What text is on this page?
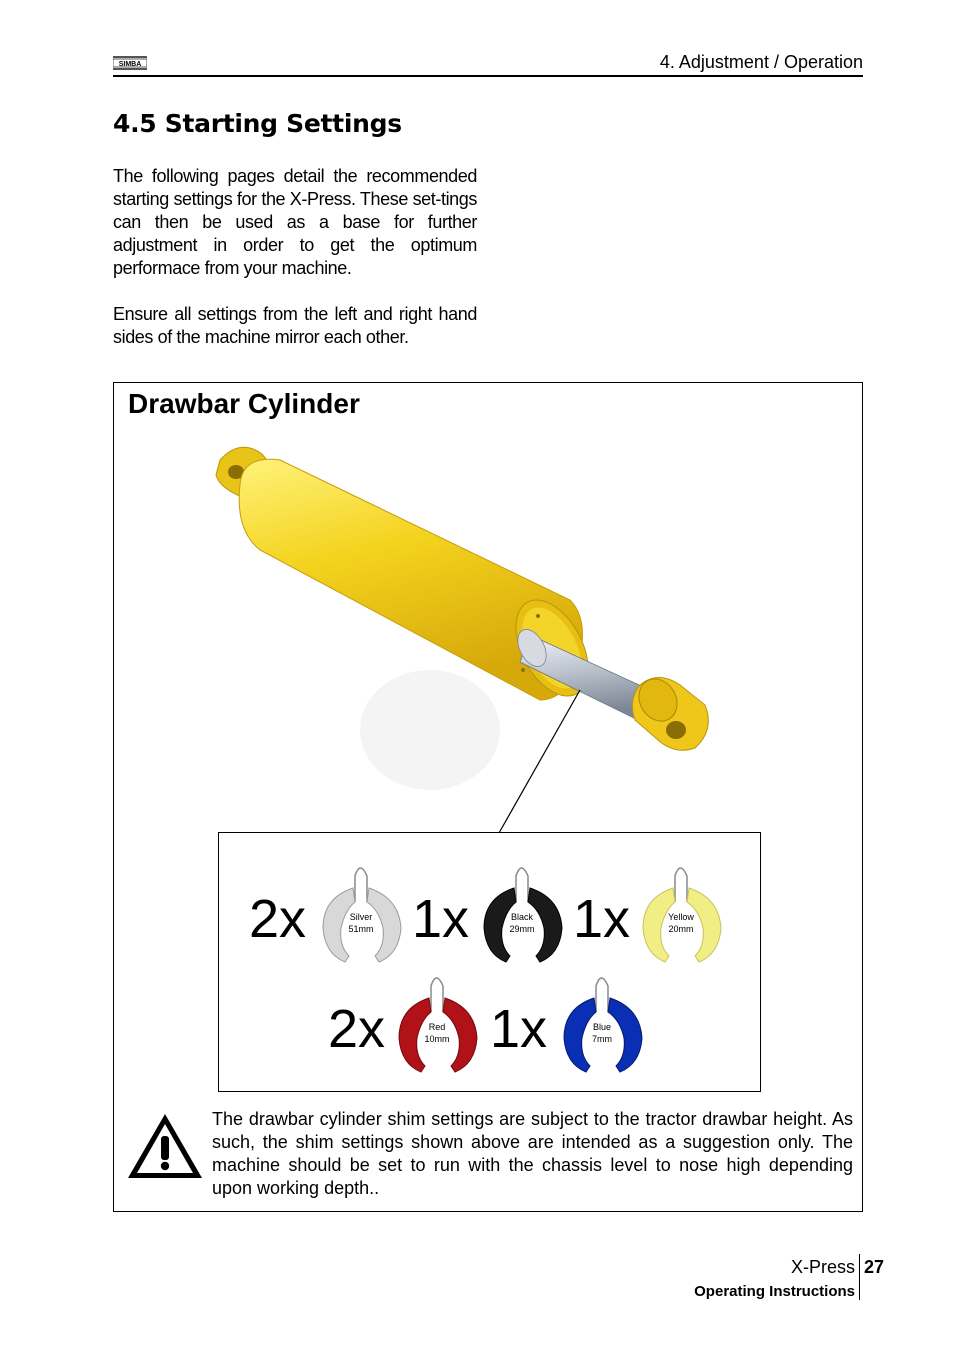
SIMBA	4. Adjustment / Operation
4.5 Starting Settings

The following pages detail the recommended starting settings for the X-Press. These set-tings can then be used as a base for further adjustment in order to get the optimum performace from your machine.

Ensure all settings from the left and right hand sides of the machine mirror each other.

Drawbar Cylinder
2x	Silver
51mm 1x	Black
29mm 1x	Yellow
20mm
2x	Red
10mm 1x	Blue
7mm
The drawbar cylinder shim settings are subject to the tractor drawbar height. As such, the shim settings shown above are intended as a suggestion only. The machine should be set to run with the chassis level to nose high depending upon working depth..
X-Press 27
Operating Instructions
